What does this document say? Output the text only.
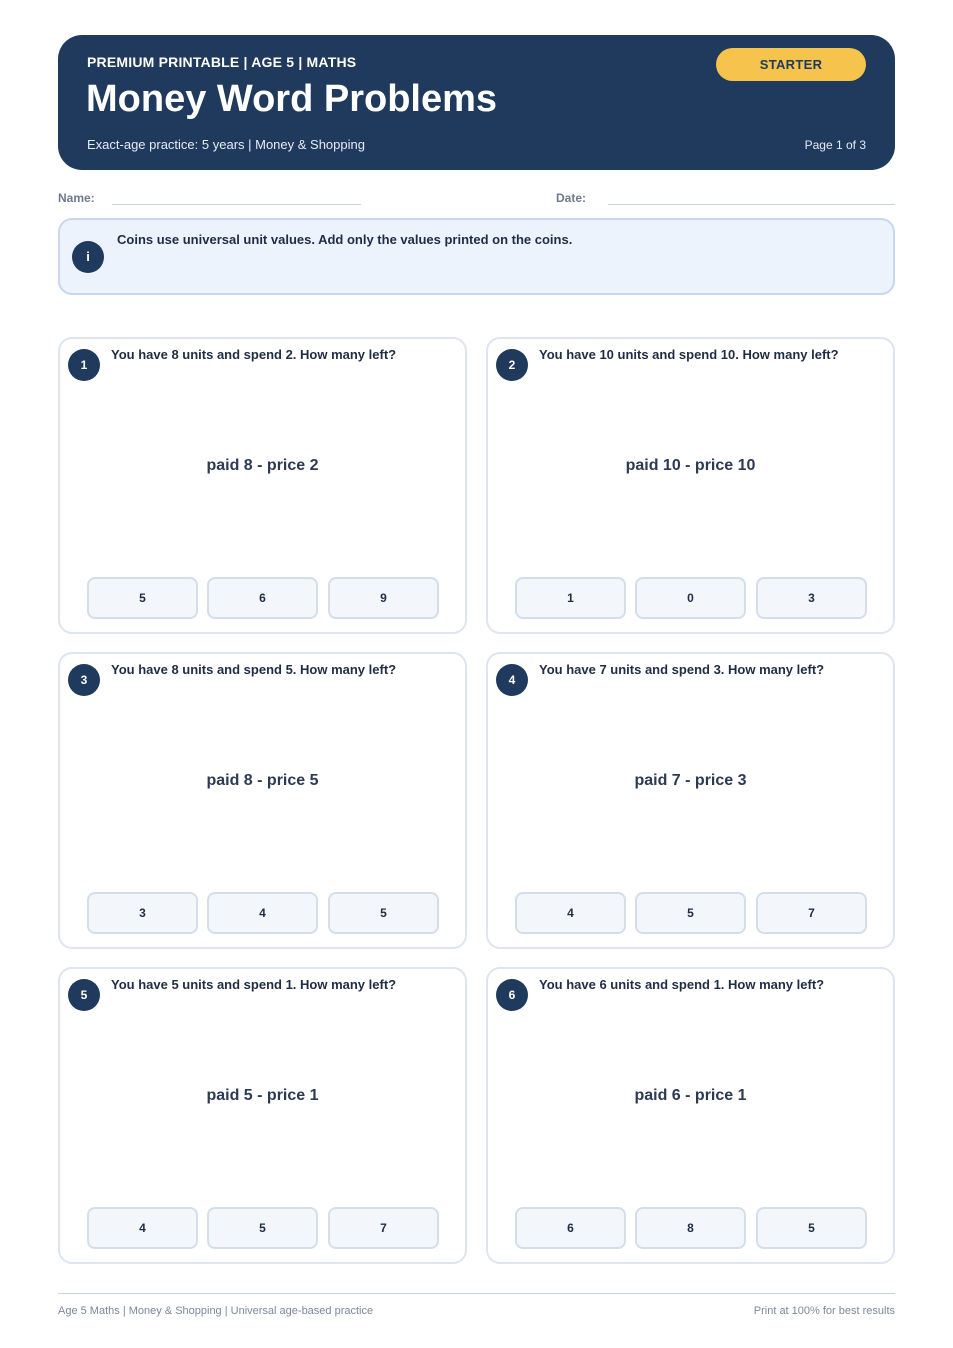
PREMIUM PRINTABLE | AGE 5 | MATHS
Money Word Problems
Exact-age practice: 5 years | Money & Shopping	Page 1 of 3
STARTER
Name:	Date:
i
Coins use universal unit values. Add only the values printed on the coins.
1
You have 8 units and spend 2. How many left?
paid 8 - price 2
5	6	9
2
You have 10 units and spend 10. How many left?
paid 10 - price 10
1	0	3
3
You have 8 units and spend 5. How many left?
paid 8 - price 5
3	4	5
4
You have 7 units and spend 3. How many left?
paid 7 - price 3
4	5	7
5
You have 5 units and spend 1. How many left?
paid 5 - price 1
4	5	7
6
You have 6 units and spend 1. How many left?
paid 6 - price 1
6	8	5
Age 5 Maths | Money & Shopping | Universal age-based practice	Print at 100% for best results
